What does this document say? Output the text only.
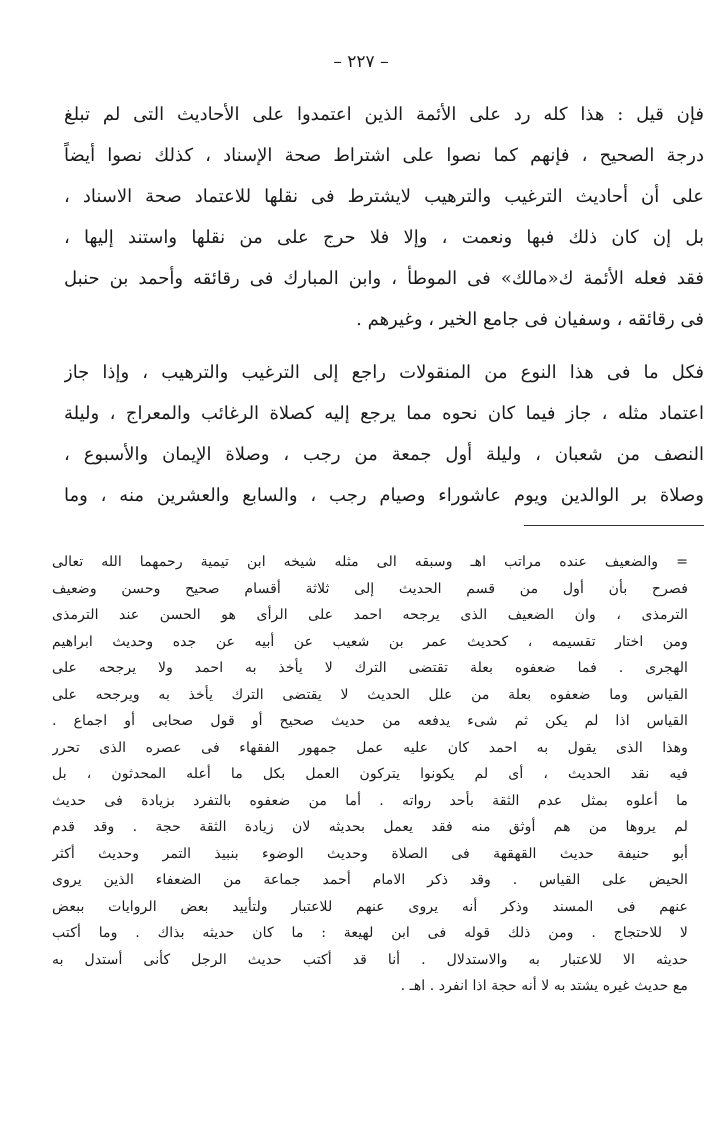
– ٢٢٧ –
فإن قيل : هذا كله رد على الأئمة الذين اعتمدوا على الأحاديث التى لم تبلغ
درجة الصحيح ، فإنهم كما نصوا على اشتراط صحة الإسناد ، كذلك نصوا أيضاً
على أن أحاديث الترغيب والترهيب لايشترط فى نقلها للاعتماد صحة الاسناد ،
بل إن كان ذلك فبها ونعمت ، وإلا فلا حرج على من نقلها واستند إليها ،
فقد فعله الأئمة ك«مالك» فى الموطأ ، وابن المبارك فى رقائقه وأحمد بن حنبل
فى رقائقه ، وسفيان فى جامع الخير ، وغيرهم .
فكل ما فى هذا النوع من المنقولات راجع إلى الترغيب والترهيب ، وإذا جاز
اعتماد مثله ، جاز فيما كان نحوه مما يرجع إليه كصلاة الرغائب والمعراج ، وليلة
النصف من شعبان ، وليلة أول جمعة من رجب ، وصلاة الإيمان والأسبوع ،
وصلاة بر الوالدين ويوم عاشوراء وصيام رجب ، والسابع والعشرين منه ، وما
= والضعيف عنده مراتب اهـ وسبقه الى مثله شيخه ابن تيمية رحمهما الله تعالى
فصرح بأن أول من قسم الحديث إلى ثلاثة أقسام صحيح وحسن وضعيف
الترمذى ، وان الضعيف الذى يرجحه احمد على الرأى هو الحسن عند الترمذى
ومن اختار تقسيمه ، كحديث عمر بن شعيب عن أبيه عن جده وحديث ابراهيم
الهجرى . فما ضعفوه بعلة تقتضى الترك لا يأخذ به احمد ولا يرجحه على
القياس وما ضعفوه بعلة من علل الحديث لا يقتضى الترك يأخذ به ويرجحه على
القياس اذا لم يكن ثم شىء يدفعه من حديث صحيح أو قول صحابى أو اجماع .
وهذا الذى يقول به احمد كان عليه عمل جمهور الفقهاء فى عصره الذى تحرر
فيه نقد الحديث ، أى لم يكونوا يتركون العمل بكل ما أعله المحدثون ، بل
ما أعلوه بمثل عدم الثقة بأحد رواته . أما من ضعفوه بالتفرد بزيادة فى حديث
لم يروها من هم أوثق منه فقد يعمل بحديثه لان زيادة الثقة حجة . وقد قدم
أبو حنيفة حديث القهقهة فى الصلاة وحديث الوضوء بنبيذ التمر وحديث أكثر
الحيض على القياس . وقد ذكر الامام أحمد جماعة من الضعفاء الذين يروى
عنهم فى المسند وذكر أنه يروى عنهم للاعتبار ولتأييد بعض الروايات ببعض
لا للاحتجاج . ومن ذلك قوله فى ابن لهيعة : ما كان حديثه بذاك . وما أكتب
حديثه الا للاعتبار به والاستدلال . أنا قد أكتب حديث الرجل كأنى أستدل به
مع حديث غيره يشتد به لا أنه حجة اذا انفرد . اهـ .
